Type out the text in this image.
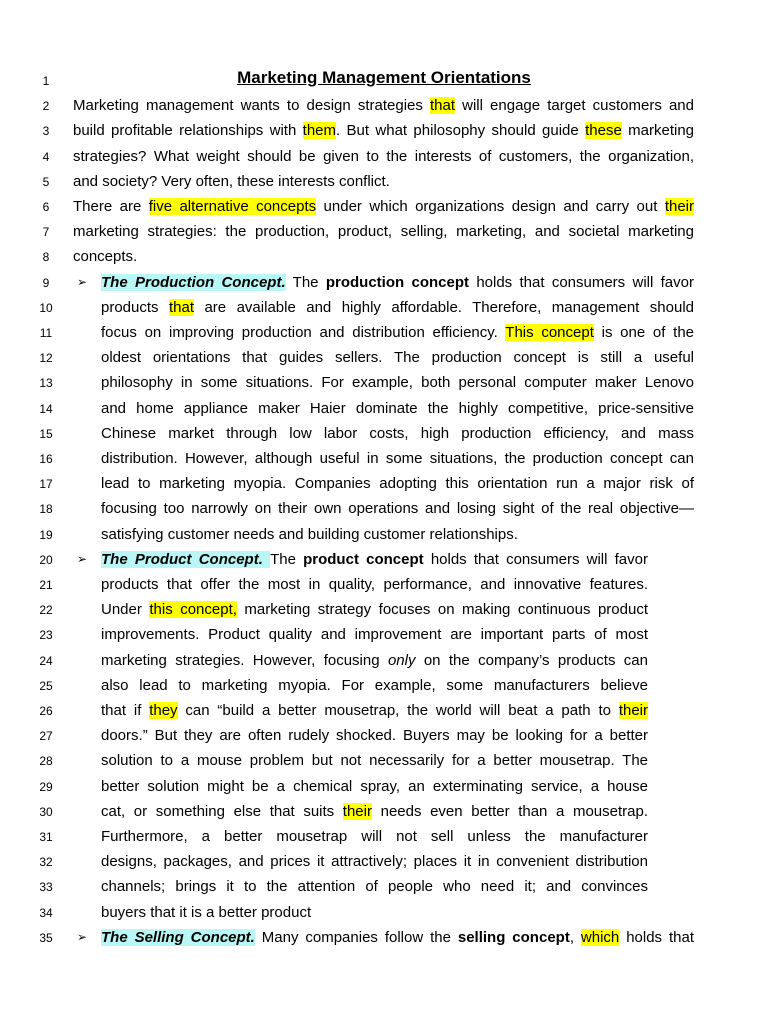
Marketing Management Orientations
1
2	Marketing management wants to design strategies that will engage target customers and
3	build profitable relationships with them. But what philosophy should guide these marketing
4	strategies? What weight should be given to the interests of customers, the organization,
5	and society? Very often, these interests conflict.
6	There are five alternative concepts under which organizations design and carry out their
7	marketing strategies: the production, product, selling, marketing, and societal marketing
8	concepts.
9	➢ The Production Concept. The production concept holds that consumers will favor
10	products that are available and highly affordable. Therefore, management should
11	focus on improving production and distribution efficiency. This concept is one of the
12	oldest orientations that guides sellers. The production concept is still a useful
13	philosophy in some situations. For example, both personal computer maker Lenovo
14	and home appliance maker Haier dominate the highly competitive, price-sensitive
15	Chinese market through low labor costs, high production efficiency, and mass
16	distribution. However, although useful in some situations, the production concept can
17	lead to marketing myopia. Companies adopting this orientation run a major risk of
18	focusing too narrowly on their own operations and losing sight of the real objective—
19	satisfying customer needs and building customer relationships.
20 ➢ The Product Concept. The product concept holds that consumers will favor
21	products that offer the most in quality, performance, and innovative features.
22	Under this concept, marketing strategy focuses on making continuous product
23	improvements. Product quality and improvement are important parts of most
24	marketing strategies. However, focusing only on the company’s products can
25	also lead to marketing myopia. For example, some manufacturers believe
26	that if they can “build a better mousetrap, the world will beat a path to their
27	doors.” But they are often rudely shocked. Buyers may be looking for a better
28	solution to a mouse problem but not necessarily for a better mousetrap. The
29	better solution might be a chemical spray, an exterminating service, a house
30	cat, or something else that suits their needs even better than a mousetrap.
31	Furthermore, a better mousetrap will not sell unless the manufacturer
32	designs, packages, and prices it attractively; places it in convenient distribution
33	channels; brings it to the attention of people who need it; and convinces
34	buyers that it is a better product
35 ➢ The Selling Concept. Many companies follow the selling concept, which holds that
